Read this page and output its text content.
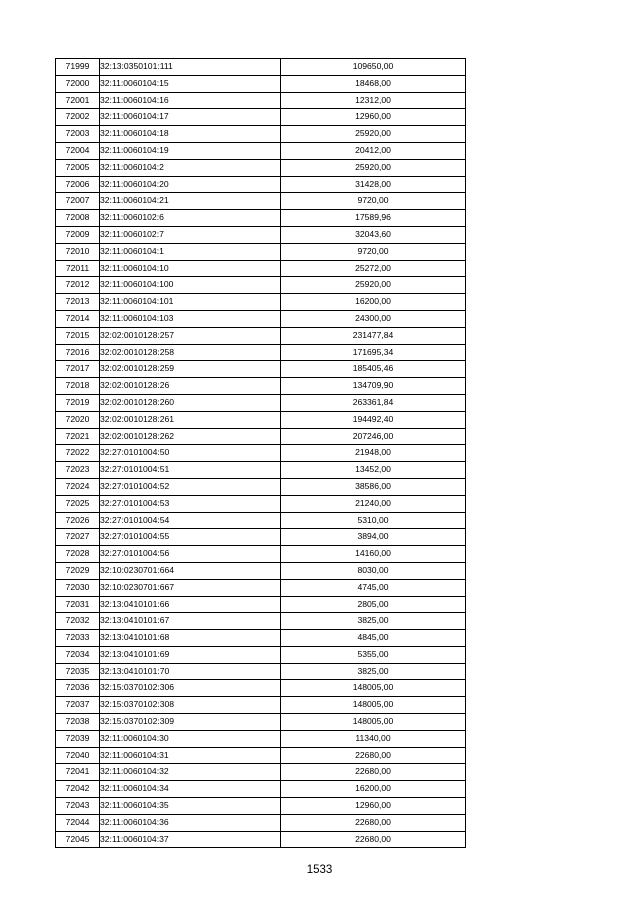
71999	32:13:0350101:111	109650,00
72000	32:11:0060104:15	18468,00
72001	32:11:0060104:16	12312,00
72002	32:11:0060104:17	12960,00
72003	32:11:0060104:18	25920,00
72004	32:11:0060104:19	20412,00
72005	32:11:0060104:2	25920,00
72006	32:11:0060104:20	31428,00
72007	32:11:0060104:21	9720,00
72008	32:11:0060102:6	17589,96
72009	32:11:0060102:7	32043,60
72010	32:11:0060104:1	9720,00
72011	32:11:0060104:10	25272,00
72012	32:11:0060104:100	25920,00
72013	32:11:0060104:101	16200,00
72014	32:11:0060104:103	24300,00
72015	32:02:0010128:257	231477,84
72016	32:02:0010128:258	171695,34
72017	32:02:0010128:259	185405,46
72018	32:02:0010128:26	134709,90
72019	32:02:0010128:260	263361,84
72020	32:02:0010128:261	194492,40
72021	32:02:0010128:262	207246,00
72022	32:27:0101004:50	21948,00
72023	32:27:0101004:51	13452,00
72024	32:27:0101004:52	38586,00
72025	32:27:0101004:53	21240,00
72026	32:27:0101004:54	5310,00
72027	32:27:0101004:55	3894,00
72028	32:27:0101004:56	14160,00
72029	32:10:0230701:664	8030,00
72030	32:10:0230701:667	4745,00
72031	32:13:0410101:66	2805,00
72032	32:13:0410101:67	3825,00
72033	32:13:0410101:68	4845,00
72034	32:13:0410101:69	5355,00
72035	32:13:0410101:70	3825,00
72036	32:15:0370102:306	148005,00
72037	32:15:0370102:308	148005,00
72038	32:15:0370102:309	148005,00
72039	32:11:0060104:30	11340,00
72040	32:11:0060104:31	22680,00
72041	32:11:0060104:32	22680,00
72042	32:11:0060104:34	16200,00
72043	32:11:0060104:35	12960,00
72044	32:11:0060104:36	22680,00
72045	32:11:0060104:37	22680,00
1533
